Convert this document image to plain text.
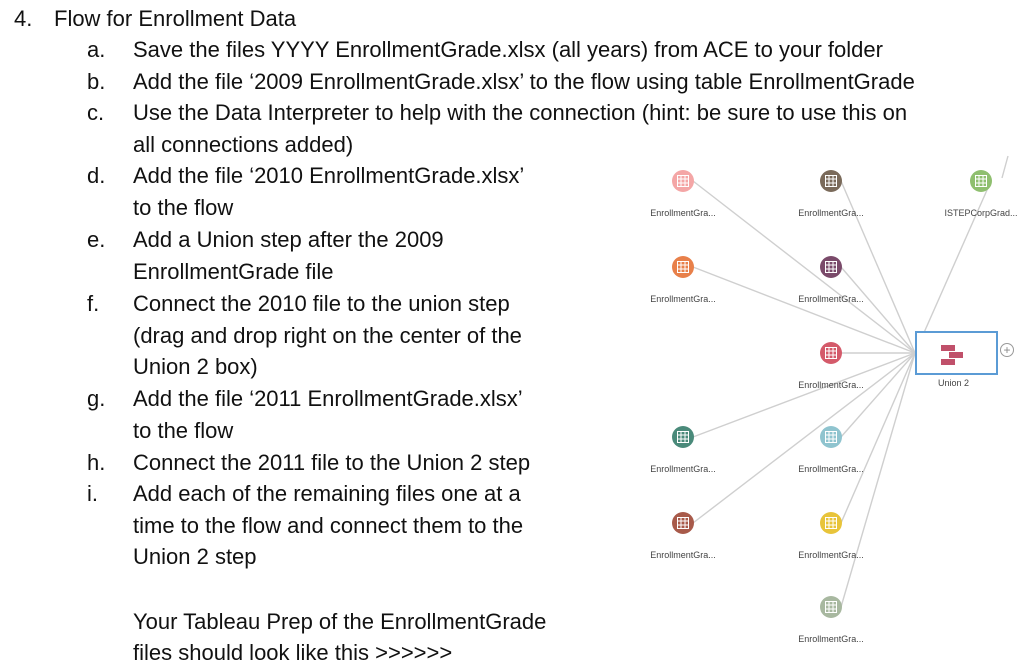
4. Flow for Enrollment Data
a.	Save the files YYYY EnrollmentGrade.xlsx (all years) from ACE to your folder
b.	Add the file ‘2009 EnrollmentGrade.xlsx’ to the flow using table EnrollmentGrade
c.	Use the Data Interpreter to help with the connection (hint: be sure to use this on
all connections added)
d.	Add the file ‘2010 EnrollmentGrade.xlsx’
to the flow
e.	Add a Union step after the 2009
EnrollmentGrade file
f.	Connect the 2010 file to the union step
(drag and drop right on the center of the
Union 2 box)
g.	Add the file ‘2011 EnrollmentGrade.xlsx’
to the flow
h.	Connect the 2011 file to the Union 2 step
i.	Add each of the remaining files one at a
time to the flow and connect them to the
Union 2 step
Your Tableau Prep of the EnrollmentGrade
files should look like this >>>>>>
EnrollmentGra...	EnrollmentGra...	ISTEPCorpGrad...
EnrollmentGra...	EnrollmentGra...
EnrollmentGra...
EnrollmentGra...	EnrollmentGra...
EnrollmentGra...	EnrollmentGra...
EnrollmentGra...
Union 2
+
